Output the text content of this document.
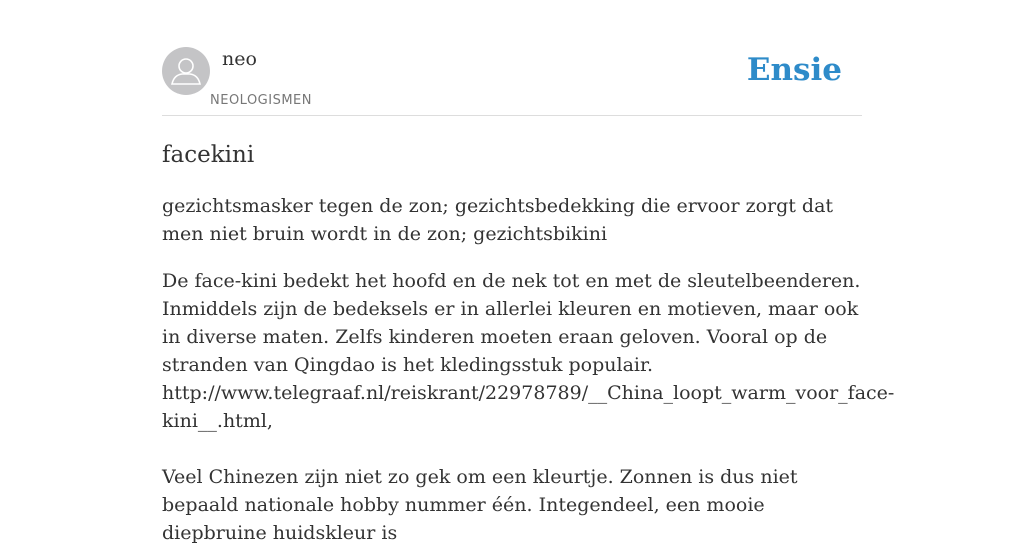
neo
NEOLOGISMEN
Ensie
facekini
gezichtsmasker tegen de zon; gezichtsbedekking die ervoor zorgt dat men niet bruin wordt in de zon; gezichtsbikini

De face-kini bedekt het hoofd en de nek tot en met de sleutelbeenderen. Inmiddels zijn de bedeksels er in allerlei kleuren en motieven, maar ook in diverse maten. Zelfs kinderen moeten eraan geloven. Vooral op de stranden van Qingdao is het kledingsstuk populair.

http://www.telegraaf.nl/reiskrant/22978789/__China_loopt_warm_voor_face-kini__.html,

Veel Chinezen zijn niet zo gek om een kleurtje. Zonnen is dus niet bepaald nationale hobby nummer één. Integendeel, een mooie diepbruine huidskleur is
